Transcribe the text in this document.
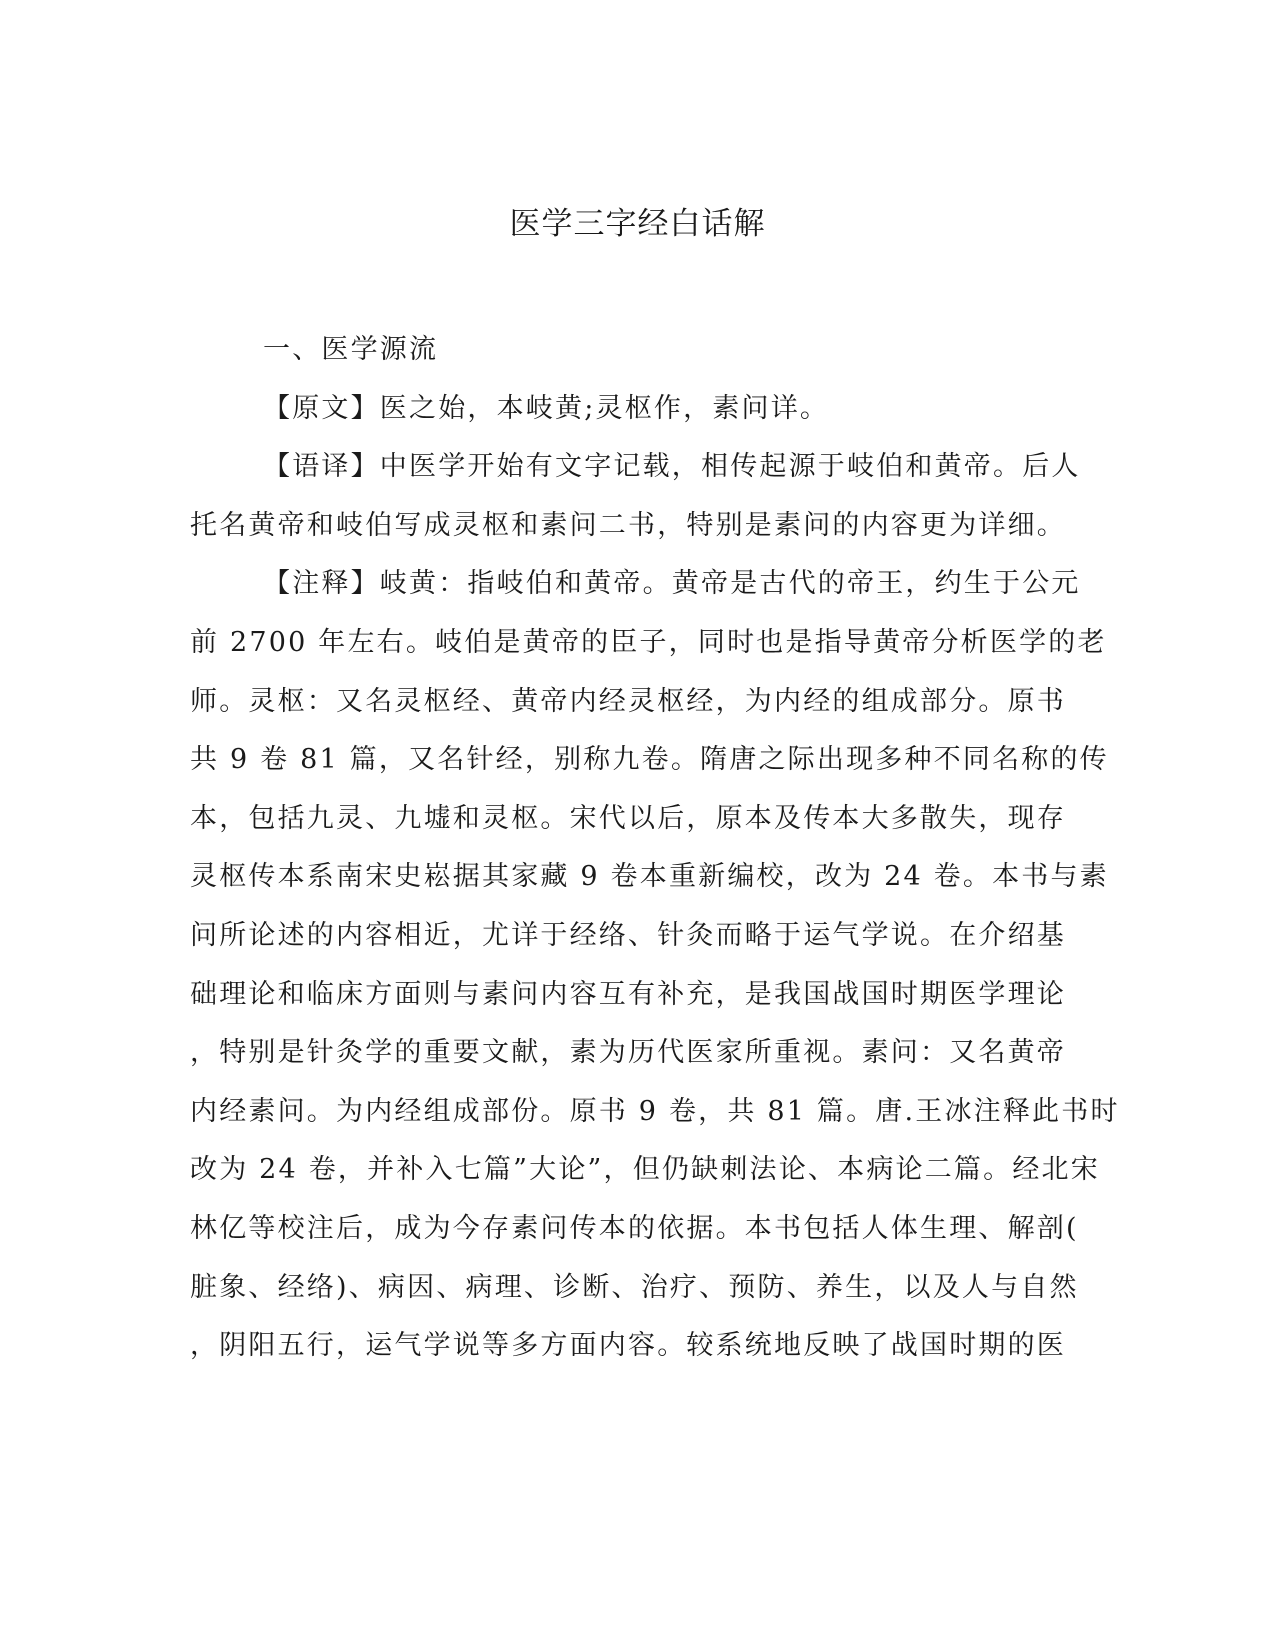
医学三字经白话解
一、医学源流
【原文】医之始，本岐黄;灵枢作，素问详。
【语译】中医学开始有文字记载，相传起源于岐伯和黄帝。后人
托名黄帝和岐伯写成灵枢和素问二书，特别是素问的内容更为详细。
【注释】岐黄：指岐伯和黄帝。黄帝是古代的帝王，约生于公元
前 2700 年左右。岐伯是黄帝的臣子，同时也是指导黄帝分析医学的老
师。灵枢：又名灵枢经、黄帝内经灵枢经，为内经的组成部分。原书
共 9 卷 81 篇，又名针经，别称九卷。隋唐之际出现多种不同名称的传
本，包括九灵、九墟和灵枢。宋代以后，原本及传本大多散失，现存
灵枢传本系南宋史崧据其家藏 9 卷本重新编校，改为 24 卷。本书与素
问所论述的内容相近，尤详于经络、针灸而略于运气学说。在介绍基
础理论和临床方面则与素问内容互有补充，是我国战国时期医学理论
，特别是针灸学的重要文献，素为历代医家所重视。素问：又名黄帝
内经素问。为内经组成部份。原书 9 卷，共 81 篇。唐.王冰注释此书时
改为 24 卷，并补入七篇”大论”，但仍缺刺法论、本病论二篇。经北宋
林亿等校注后，成为今存素问传本的依据。本书包括人体生理、解剖(
脏象、经络)、病因、病理、诊断、治疗、预防、养生，以及人与自然
，阴阳五行，运气学说等多方面内容。较系统地反映了战国时期的医
